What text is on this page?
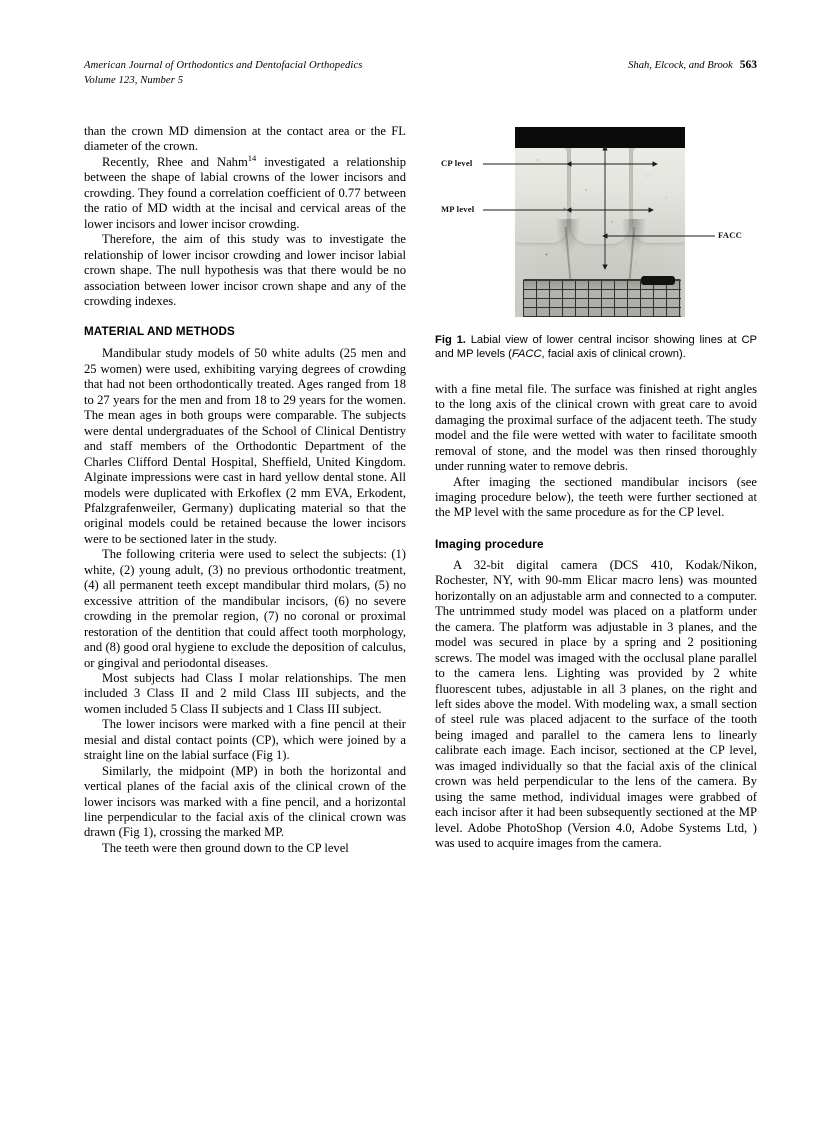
American Journal of Orthodontics and Dentofacial Orthopedics
Volume 123, Number 5
Shah, Elcock, and Brook 563

than the crown MD dimension at the contact area or the FL diameter of the crown.

Recently, Rhee and Nahm$^{14}$ investigated a relationship between the shape of labial crowns of the lower incisors and crowding. They found a correlation coefficient of 0.77 between the ratio of MD width at the incisal and cervical areas of the lower incisors and lower incisor crowding.

Therefore, the aim of this study was to investigate the relationship of lower incisor crowding and lower incisor labial crown shape. The null hypothesis was that there would be no association between lower incisor crown shape and any of the crowding indexes.

MATERIAL AND METHODS

Mandibular study models of 50 white adults (25 men and 25 women) were used, exhibiting varying degrees of crowding that had not been orthodontically treated. Ages ranged from 18 to 27 years for the men and from 18 to 29 years for the women. The mean ages in both groups were comparable. The subjects were dental undergraduates of the School of Clinical Dentistry and staff members of the Orthodontic Department of the Charles Clifford Dental Hospital, Sheffield, United Kingdom. Alginate impressions were cast in hard yellow dental stone. All models were duplicated with Erkoflex (2 mm EVA, Erkodent, Pfalzgrafenweiler, Germany) duplicating material so that the original models could be retained because the lower incisors were to be sectioned later in the study.

The following criteria were used to select the subjects: (1) white, (2) young adult, (3) no previous orthodontic treatment, (4) all permanent teeth except mandibular third molars, (5) no excessive attrition of the mandibular incisors, (6) no severe crowding in the premolar region, (7) no coronal or proximal restoration of the dentition that could affect tooth morphology, and (8) good oral hygiene to exclude the deposition of calculus, or gingival and periodontal diseases.

Most subjects had Class I molar relationships. The men included 3 Class II and 2 mild Class III subjects, and the women included 5 Class II subjects and 1 Class III subject.

The lower incisors were marked with a fine pencil at their mesial and distal contact points (CP), which were joined by a straight line on the labial surface (Fig 1).

Similarly, the midpoint (MP) in both the horizontal and vertical planes of the facial axis of the clinical crown of the lower incisors was marked with a fine pencil, and a horizontal line perpendicular to the facial axis of the clinical crown was drawn (Fig 1), crossing the marked MP.

The teeth were then ground down to the CP level

CP level
MP level
FACC

Fig 1. Labial view of lower central incisor showing lines at CP and MP levels (FACC, facial axis of clinical crown).

with a fine metal file. The surface was finished at right angles to the long axis of the clinical crown with great care to avoid damaging the proximal surface of the adjacent teeth. The study model and the file were wetted with water to facilitate smooth removal of stone, and the model was then rinsed thoroughly under running water to remove debris.

After imaging the sectioned mandibular incisors (see imaging procedure below), the teeth were further sectioned at the MP level with the same procedure as for the CP level.

Imaging procedure

A 32-bit digital camera (DCS 410, Kodak/Nikon, Rochester, NY, with 90-mm Elicar macro lens) was mounted horizontally on an adjustable arm and connected to a computer. The untrimmed study model was placed on a platform under the camera. The platform was adjustable in 3 planes, and the model was secured in place by a spring and 2 positioning screws. The model was imaged with the occlusal plane parallel to the camera lens. Lighting was provided by 2 white fluorescent tubes, adjustable in all 3 planes, on the right and left sides above the model. With modeling wax, a small section of steel rule was placed adjacent to the surface of the tooth being imaged and parallel to the camera lens to linearly calibrate each image. Each incisor, sectioned at the CP level, was imaged individually so that the facial axis of the clinical crown was held perpendicular to the lens of the camera. By using the same method, individual images were grabbed of each incisor after it had been subsequently sectioned at the MP level. Adobe PhotoShop (Version 4.0, Adobe Systems Ltd, ) was used to acquire images from the camera.
